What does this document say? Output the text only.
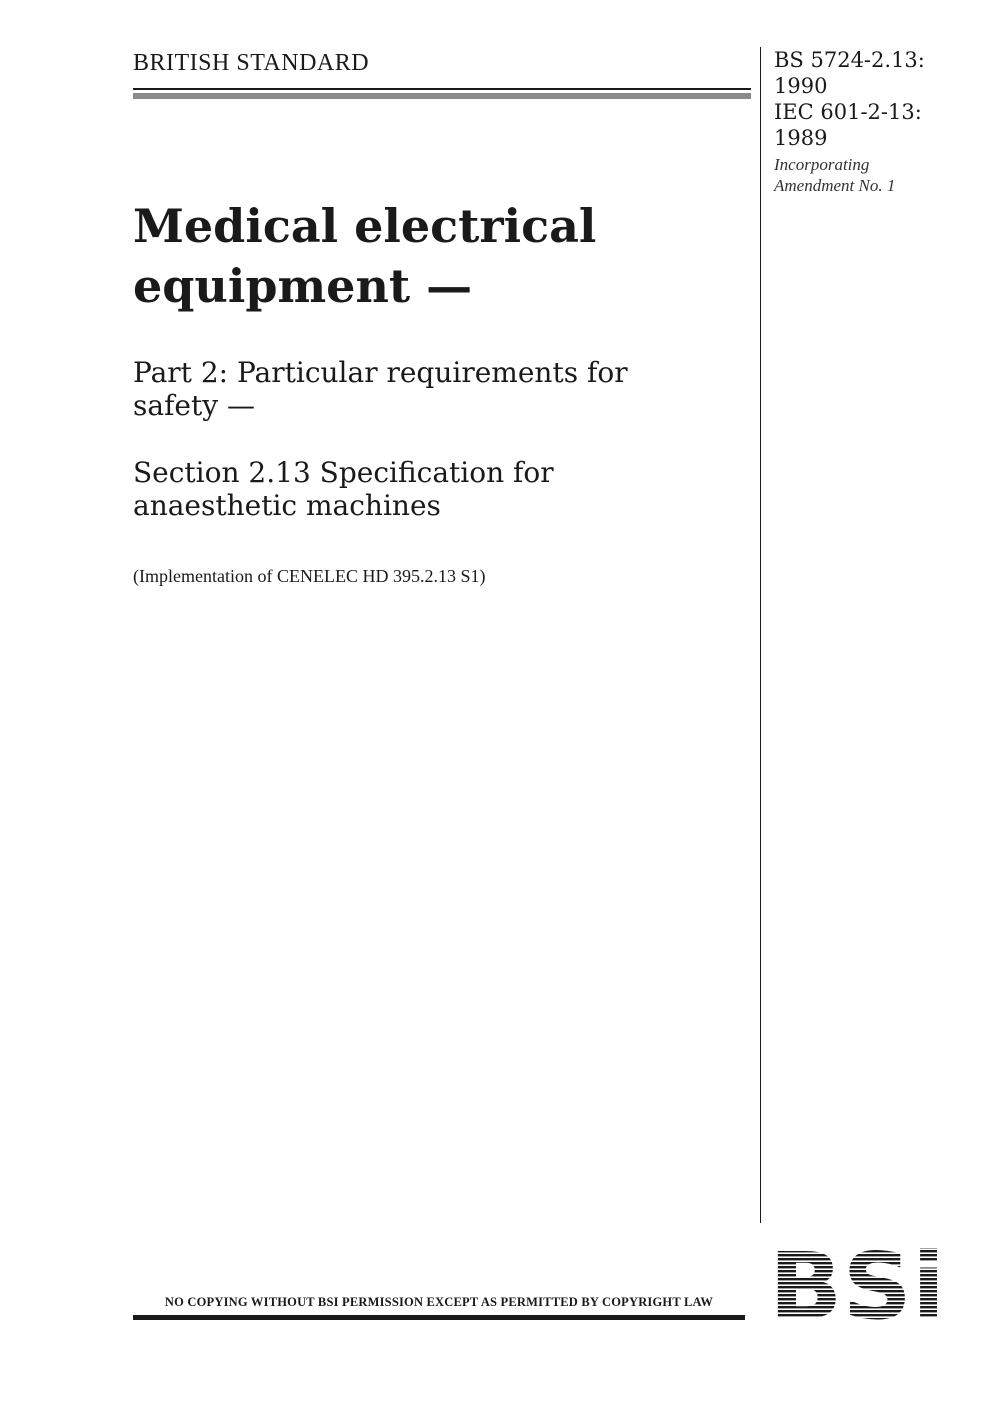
BRITISH STANDARD	BS 5724-2.13:
1990
IEC 601-2-13:
1989
Incorporating
Amendment No. 1
Medical electrical
equipment —
Part 2: Particular requirements for
safety —
Section 2.13 Specification for
anaesthetic machines
(Implementation of CENELEC HD 395.2.13 S1)
NO COPYING WITHOUT BSI PERMISSION EXCEPT AS PERMITTED BY COPYRIGHT LAW
